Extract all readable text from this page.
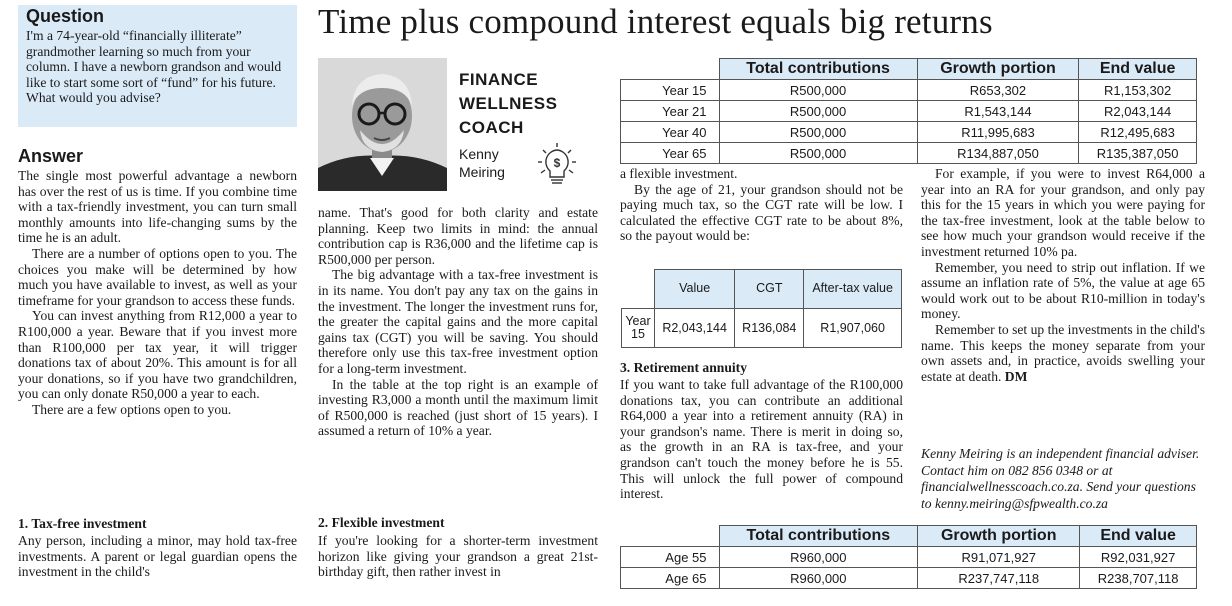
Question
I'm a 74-year-old “financially illiterate” grandmother learning so much from your column. I have a newborn grandson and would like to start some sort of “fund” for his future. What would you advise?
Answer

The single most powerful advantage a newborn has over the rest of us is time. If you combine time with a tax-friendly investment, you can turn small monthly amounts into life-changing sums by the time he is an adult.

There are a number of options open to you. The choices you make will be determined by how much you have available to invest, as well as your timeframe for your grandson to access these funds.

You can invest anything from R12,000 a year to R100,000 a year. Beware that if you invest more than R100,000 per tax year, it will trigger donations tax of about 20%. This amount is for all your donations, so if you have two grandchildren, you can only donate R50,000 a year to each.

There are a few options open to you.

1. Tax-free investment

Any person, including a minor, may hold tax-free investments. A parent or legal guardian opens the investment in the child's

Time plus compound interest equals big returns
FINANCE
WELLNESS
COACH
Kenny
Meiring
$

name. That's good for both clarity and estate planning. Keep two limits in mind: the annual contribution cap is R36,000 and the lifetime cap is R500,000 per person.

The big advantage with a tax-free investment is in its name. You don't pay any tax on the gains in the investment. The longer the investment runs for, the greater the capital gains and the more capital gains tax (CGT) you will be saving. You should therefore only use this tax-free investment option for a long-term investment.

In the table at the top right is an example of investing R3,000 a month until the maximum limit of R500,000 is reached (just short of 15 years). I assumed a return of 10% a year.

2. Flexible investment

If you're looking for a shorter-term investment horizon like giving your grandson a great 21st-birthday gift, then rather invest in

	Total contributions	Growth portion	End value
Year 15	R500,000	R653,302	R1,153,302
Year 21	R500,000	R1,543,144	R2,043,144
Year 40	R500,000	R11,995,683	R12,495,683
Year 65	R500,000	R134,887,050	R135,387,050

a flexible investment.

By the age of 21, your grandson should not be paying much tax, so the CGT rate will be low. I calculated the effective CGT rate to be about 8%, so the payout would be:

	Value	CGT	After-tax value

Year
15	R2,043,144	R136,084	R1,907,060
3. Retirement annuity

If you want to take full advantage of the R100,000 donations tax, you can contribute an additional R64,000 a year into a retirement annuity (RA) in your grandson's name. There is merit in doing so, as the growth in an RA is tax-free, and your grandson can't touch the money before he is 55. This will unlock the full power of compound interest.

For example, if you were to invest R64,000 a year into an RA for your grandson, and only pay this for the 15 years in which you were paying for the tax-free investment, look at the table below to see how much your grandson would receive if the investment returned 10% pa.

Remember, you need to strip out inflation. If we assume an inflation rate of 5%, the value at age 65 would work out to be about R10-million in today's money.

Remember to set up the investments in the child's name. This keeps the money separate from your own assets and, in practice, avoids swelling your estate at death. DM

Kenny Meiring is an independent financial adviser. Contact him on 082 856 0348 or at financialwellnesscoach.co.za. Send your questions to kenny.meiring@sfpwealth.co.za
	Total contributions	Growth portion	End value
Age 55	R960,000	R91,071,927	R92,031,927
Age 65	R960,000	R237,747,118	R238,707,118
